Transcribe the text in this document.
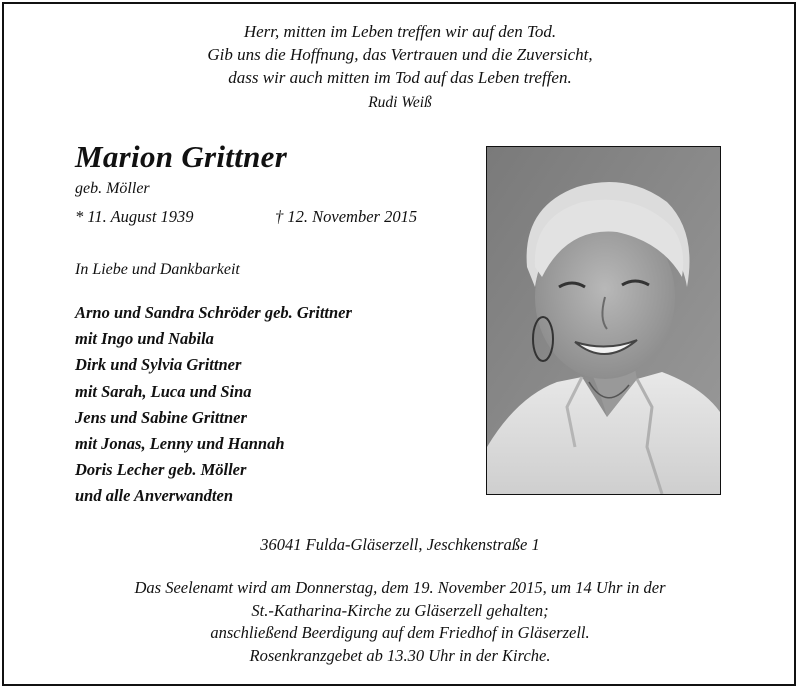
Herr, mitten im Leben treffen wir auf den Tod.
Gib uns die Hoffnung, das Vertrauen und die Zuversicht,
dass wir auch mitten im Tod auf das Leben treffen.
Rudi Weiß
Marion Grittner
geb. Möller
* 11. August 1939	† 12. November 2015
In Liebe und Dankbarkeit
Arno und Sandra Schröder geb. Grittner
mit Ingo und Nabila
Dirk und Sylvia Grittner
mit Sarah, Luca und Sina
Jens und Sabine Grittner
mit Jonas, Lenny und Hannah
Doris Lecher geb. Möller
und alle Anverwandten
36041 Fulda-Gläserzell, Jeschkenstraße 1
Das Seelenamt wird am Donnerstag, dem 19. November 2015, um 14 Uhr in der
St.-Katharina-Kirche zu Gläserzell gehalten;
anschließend Beerdigung auf dem Friedhof in Gläserzell.
Rosenkranzgebet ab 13.30 Uhr in der Kirche.
